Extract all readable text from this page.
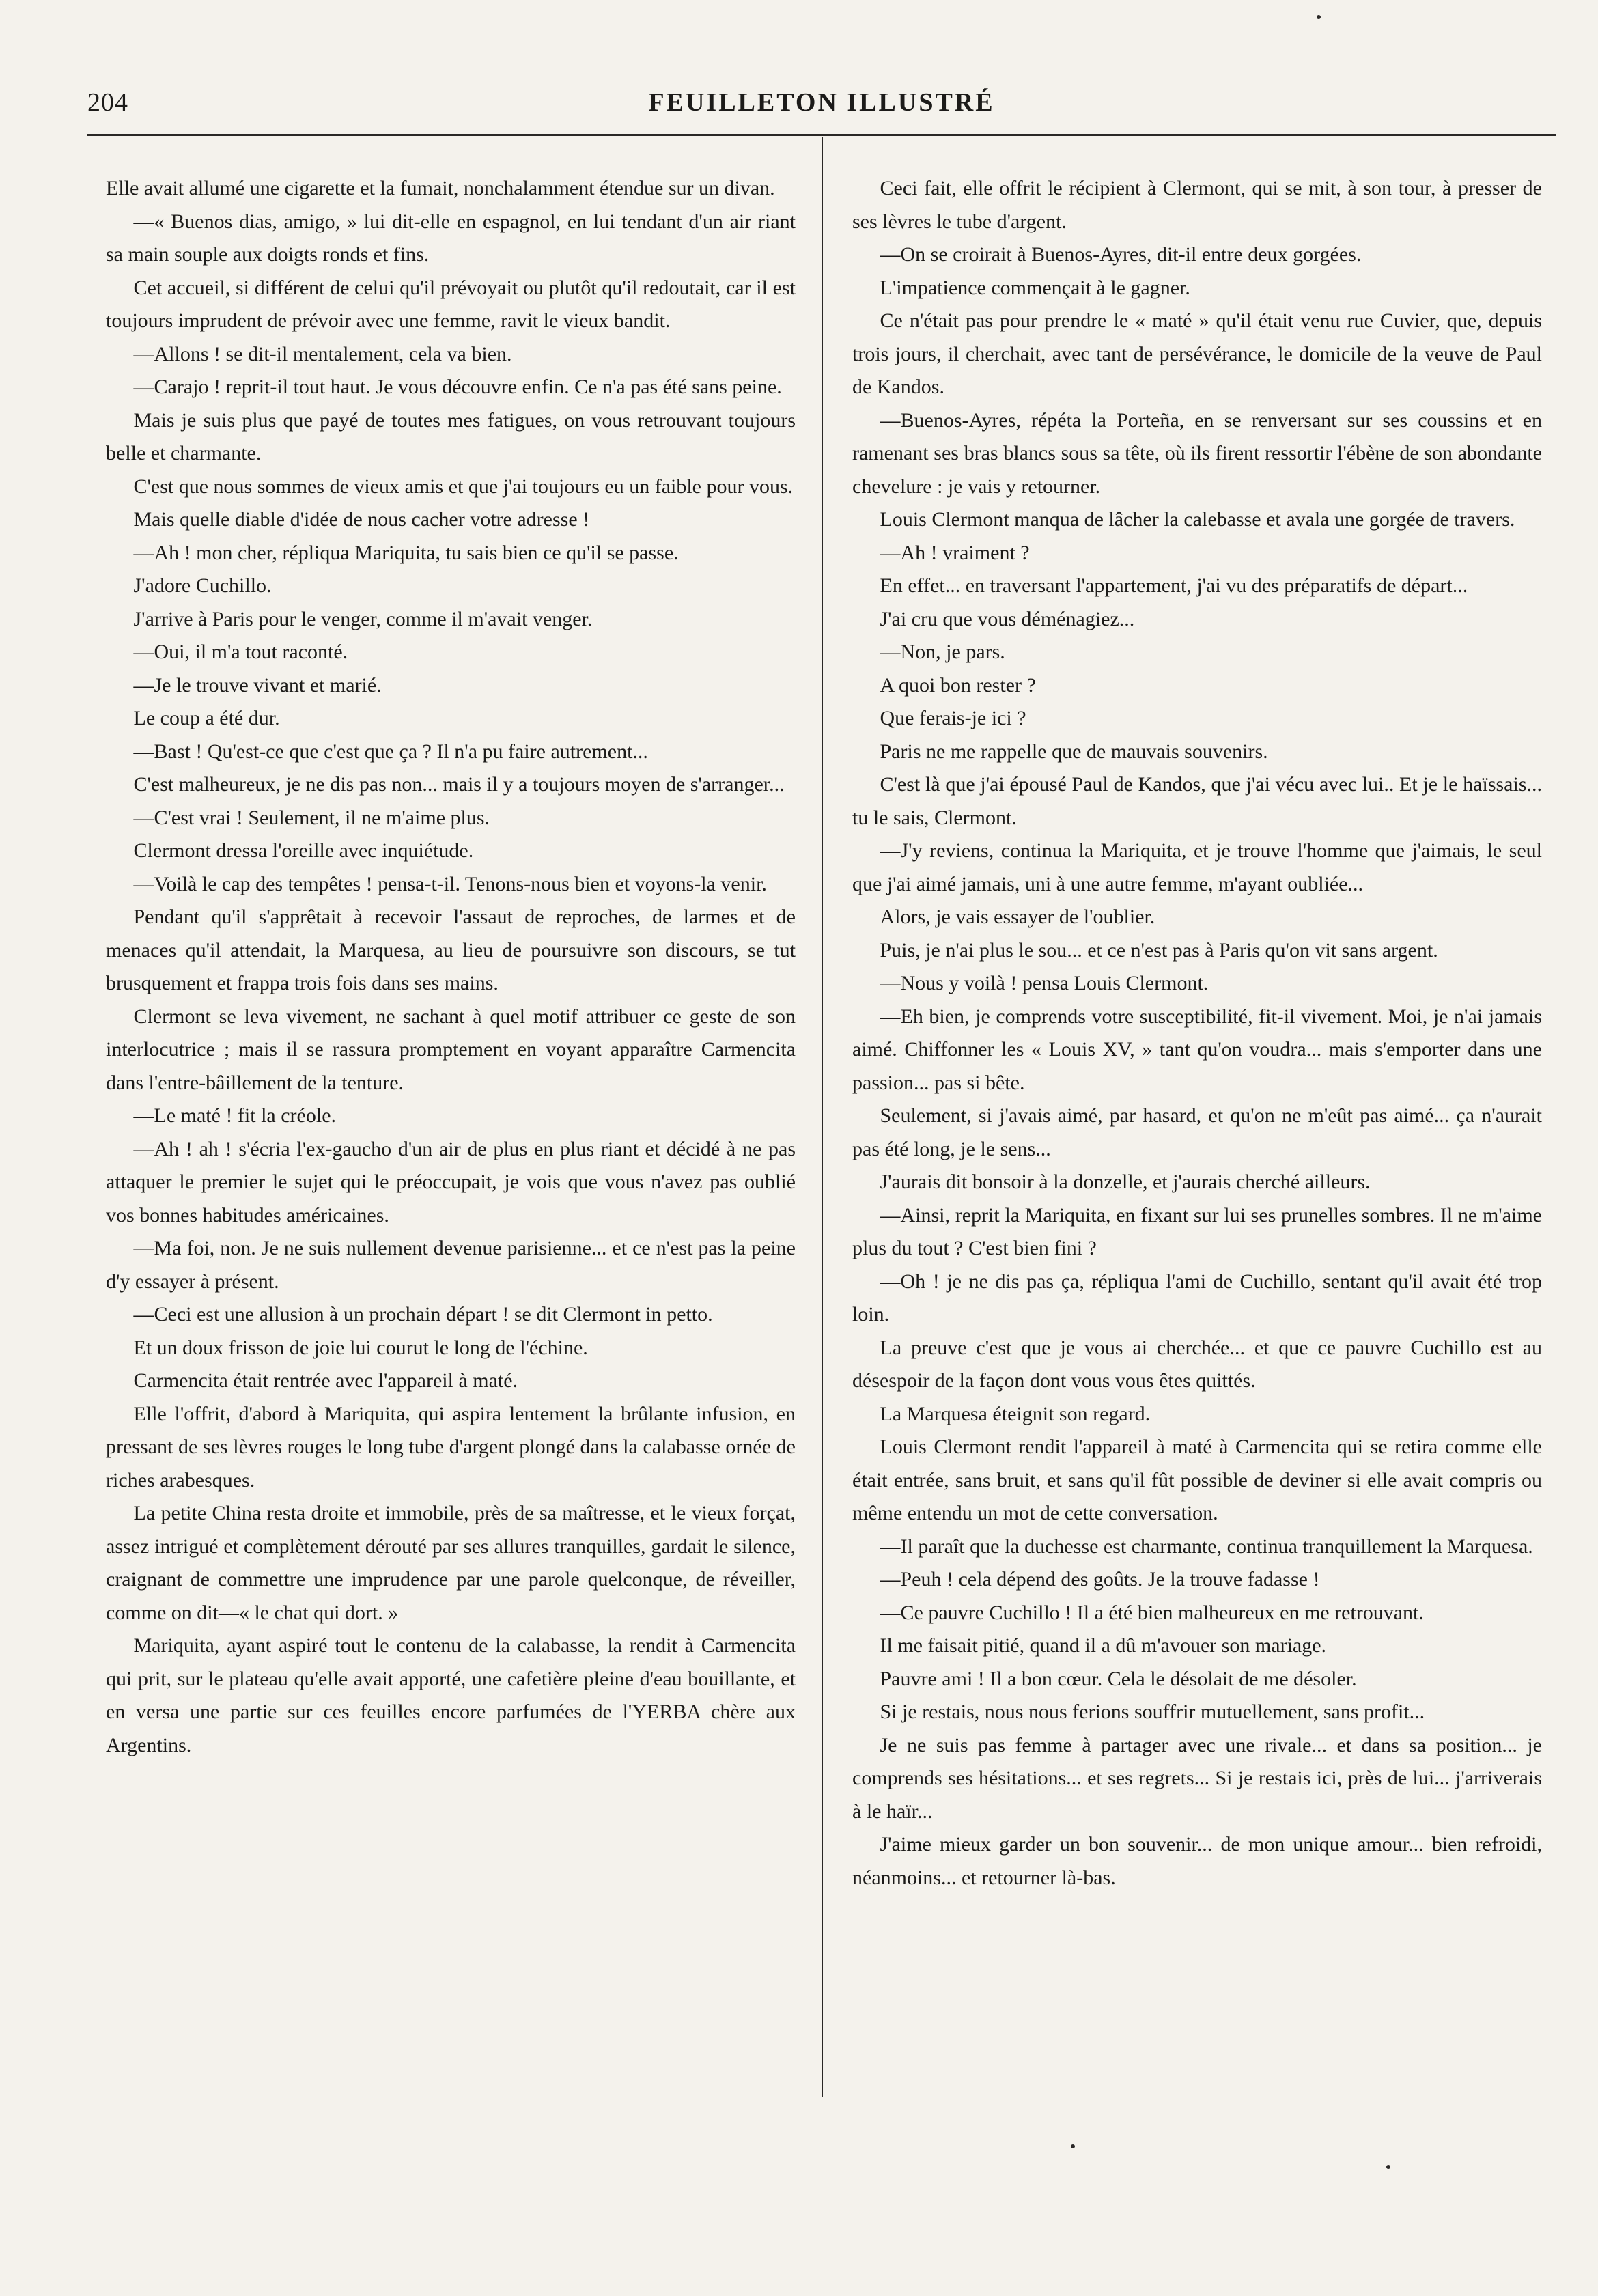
204	FEUILLETON ILLUSTRÉ

Elle avait allumé une cigarette et la fumait, nonchalamment étendue sur un divan.

—« Buenos dias, amigo, » lui dit-elle en espagnol, en lui tendant d'un air riant sa main souple aux doigts ronds et fins.

Cet accueil, si différent de celui qu'il prévoyait ou plutôt qu'il redoutait, car il est toujours imprudent de prévoir avec une femme, ravit le vieux bandit.

—Allons ! se dit-il mentalement, cela va bien.

—Carajo ! reprit-il tout haut. Je vous découvre enfin. Ce n'a pas été sans peine.

Mais je suis plus que payé de toutes mes fatigues, on vous retrouvant toujours belle et charmante.

C'est que nous sommes de vieux amis et que j'ai toujours eu un faible pour vous.

Mais quelle diable d'idée de nous cacher votre adresse !

—Ah ! mon cher, répliqua Mariquita, tu sais bien ce qu'il se passe.

J'adore Cuchillo.

J'arrive à Paris pour le venger, comme il m'avait venger.

—Oui, il m'a tout raconté.

—Je le trouve vivant et marié.

Le coup a été dur.

—Bast ! Qu'est-ce que c'est que ça ? Il n'a pu faire autrement...

C'est malheureux, je ne dis pas non... mais il y a toujours moyen de s'arranger...

—C'est vrai ! Seulement, il ne m'aime plus.

Clermont dressa l'oreille avec inquiétude.

—Voilà le cap des tempêtes ! pensa-t-il. Tenons-nous bien et voyons-la venir.

Pendant qu'il s'apprêtait à recevoir l'assaut de reproches, de larmes et de menaces qu'il attendait, la Marquesa, au lieu de poursuivre son discours, se tut brusquement et frappa trois fois dans ses mains.

Clermont se leva vivement, ne sachant à quel motif attribuer ce geste de son interlocutrice ; mais il se rassura promptement en voyant apparaître Carmencita dans l'entre-bâillement de la tenture.

—Le maté ! fit la créole.

—Ah ! ah ! s'écria l'ex-gaucho d'un air de plus en plus riant et décidé à ne pas attaquer le premier le sujet qui le préoccupait, je vois que vous n'avez pas oublié vos bonnes habitudes américaines.

—Ma foi, non. Je ne suis nullement devenue parisienne... et ce n'est pas la peine d'y essayer à présent.

—Ceci est une allusion à un prochain départ ! se dit Clermont in petto.

Et un doux frisson de joie lui courut le long de l'échine.

Carmencita était rentrée avec l'appareil à maté.

Elle l'offrit, d'abord à Mariquita, qui aspira lentement la brûlante infusion, en pressant de ses lèvres rouges le long tube d'argent plongé dans la calabasse ornée de riches arabesques.

La petite China resta droite et immobile, près de sa maîtresse, et le vieux forçat, assez intrigué et complètement dérouté par ses allures tranquilles, gardait le silence, craignant de commettre une imprudence par une parole quelconque, de réveiller, comme on dit—« le chat qui dort. »

Mariquita, ayant aspiré tout le contenu de la calabasse, la rendit à Carmencita qui prit, sur le plateau qu'elle avait apporté, une cafetière pleine d'eau bouillante, et en versa une partie sur ces feuilles encore parfumées de l'YERBA chère aux Argentins.

Ceci fait, elle offrit le récipient à Clermont, qui se mit, à son tour, à presser de ses lèvres le tube d'argent.

—On se croirait à Buenos-Ayres, dit-il entre deux gorgées.

L'impatience commençait à le gagner.

Ce n'était pas pour prendre le « maté » qu'il était venu rue Cuvier, que, depuis trois jours, il cherchait, avec tant de persévérance, le domicile de la veuve de Paul de Kandos.

—Buenos-Ayres, répéta la Porteña, en se renversant sur ses coussins et en ramenant ses bras blancs sous sa tête, où ils firent ressortir l'ébène de son abondante chevelure : je vais y retourner.

Louis Clermont manqua de lâcher la calebasse et avala une gorgée de travers.

—Ah ! vraiment ?

En effet... en traversant l'appartement, j'ai vu des préparatifs de départ...

J'ai cru que vous déménagiez...

—Non, je pars.

A quoi bon rester ?

Que ferais-je ici ?

Paris ne me rappelle que de mauvais souvenirs.

C'est là que j'ai épousé Paul de Kandos, que j'ai vécu avec lui.. Et je le haïssais... tu le sais, Clermont.

—J'y reviens, continua la Mariquita, et je trouve l'homme que j'aimais, le seul que j'ai aimé jamais, uni à une autre femme, m'ayant oubliée...

Alors, je vais essayer de l'oublier.

Puis, je n'ai plus le sou... et ce n'est pas à Paris qu'on vit sans argent.

—Nous y voilà ! pensa Louis Clermont.

—Eh bien, je comprends votre susceptibilité, fit-il vivement. Moi, je n'ai jamais aimé. Chiffonner les « Louis XV, » tant qu'on voudra... mais s'emporter dans une passion... pas si bête.

Seulement, si j'avais aimé, par hasard, et qu'on ne m'eût pas aimé... ça n'aurait pas été long, je le sens...

J'aurais dit bonsoir à la donzelle, et j'aurais cherché ailleurs.

—Ainsi, reprit la Mariquita, en fixant sur lui ses prunelles sombres. Il ne m'aime plus du tout ? C'est bien fini ?

—Oh ! je ne dis pas ça, répliqua l'ami de Cuchillo, sentant qu'il avait été trop loin.

La preuve c'est que je vous ai cherchée... et que ce pauvre Cuchillo est au désespoir de la façon dont vous vous êtes quittés.

La Marquesa éteignit son regard.

Louis Clermont rendit l'appareil à maté à Carmencita qui se retira comme elle était entrée, sans bruit, et sans qu'il fût possible de deviner si elle avait compris ou même entendu un mot de cette conversation.

—Il paraît que la duchesse est charmante, continua tranquillement la Marquesa.

—Peuh ! cela dépend des goûts. Je la trouve fadasse !

—Ce pauvre Cuchillo ! Il a été bien malheureux en me retrouvant.

Il me faisait pitié, quand il a dû m'avouer son mariage.

Pauvre ami ! Il a bon cœur. Cela le désolait de me désoler.

Si je restais, nous nous ferions souffrir mutuellement, sans profit...

Je ne suis pas femme à partager avec une rivale... et dans sa position... je comprends ses hésitations... et ses regrets... Si je restais ici, près de lui... j'arriverais à le haïr...

J'aime mieux garder un bon souvenir... de mon unique amour... bien refroidi, néanmoins... et retourner là-bas.
